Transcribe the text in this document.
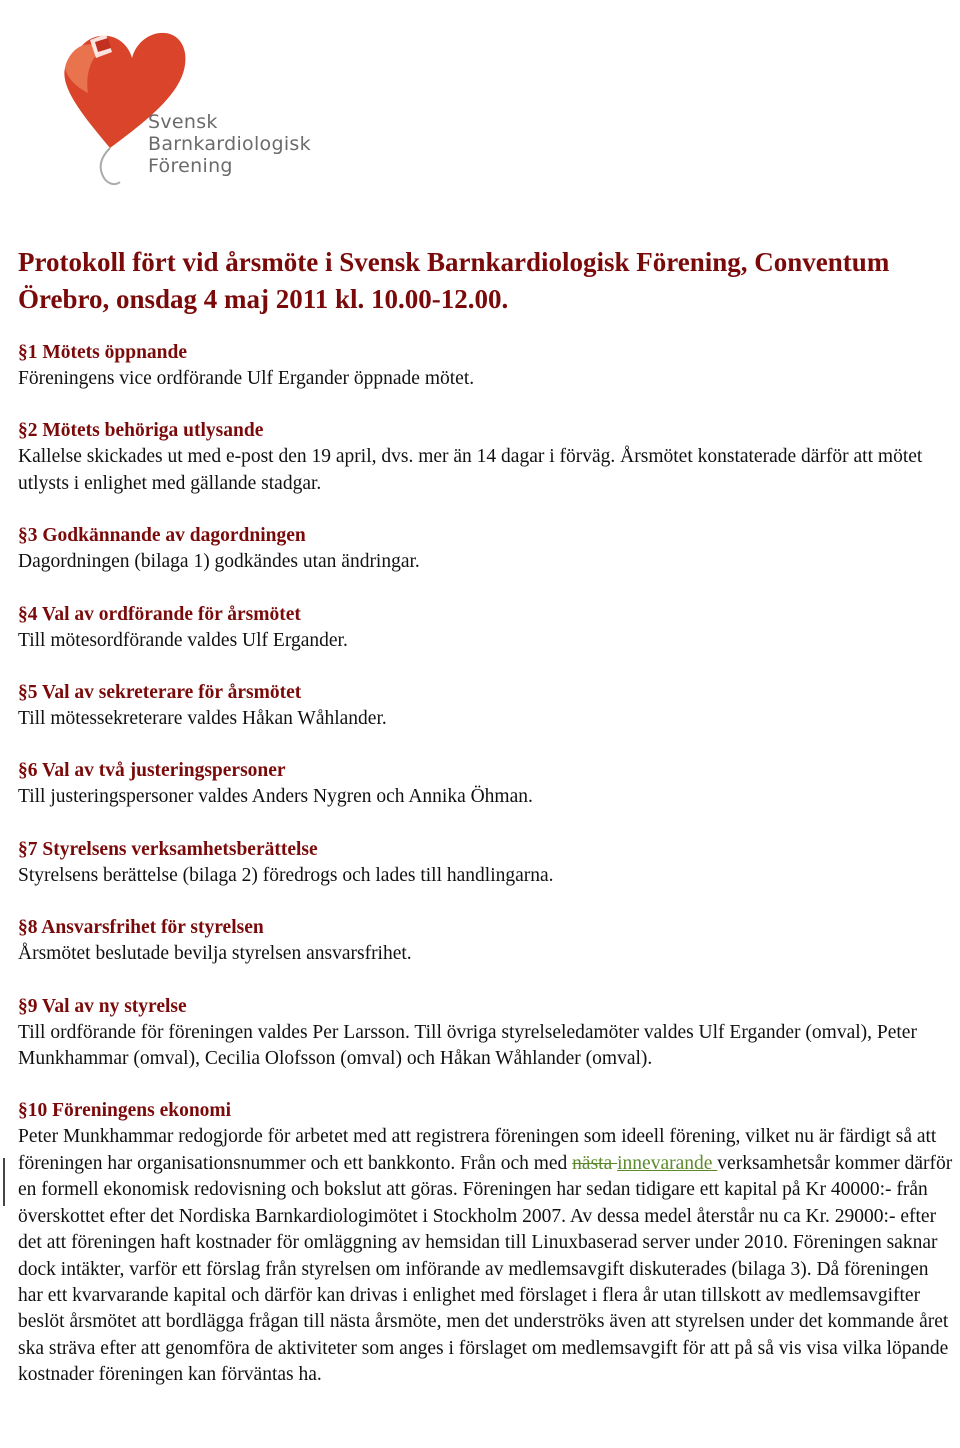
Svensk
Barnkardiologisk
Förening
Protokoll fört vid årsmöte i Svensk Barnkardiologisk Förening, Conventum Örebro, onsdag 4 maj 2011 kl. 10.00-12.00.
§1 Mötets öppnande
Föreningens vice ordförande Ulf Ergander öppnade mötet.
§2 Mötets behöriga utlysande
Kallelse skickades ut med e-post den 19 april, dvs. mer än 14 dagar i förväg. Årsmötet konstaterade därför att mötet utlysts i enlighet med gällande stadgar.
§3 Godkännande av dagordningen
Dagordningen (bilaga 1) godkändes utan ändringar.
§4 Val av ordförande för årsmötet
Till mötesordförande valdes Ulf Ergander.
§5 Val av sekreterare för årsmötet
Till mötessekreterare valdes Håkan Wåhlander.
§6 Val av två justeringspersoner
Till justeringspersoner valdes Anders Nygren och Annika Öhman.
§7 Styrelsens verksamhetsberättelse
Styrelsens berättelse (bilaga 2) föredrogs och lades till handlingarna.
§8 Ansvarsfrihet för styrelsen
Årsmötet beslutade bevilja styrelsen ansvarsfrihet.
§9 Val av ny styrelse
Till ordförande för föreningen valdes Per Larsson. Till övriga styrelseledamöter valdes Ulf Ergander (omval), Peter Munkhammar (omval), Cecilia Olofsson (omval) och Håkan Wåhlander (omval).
§10 Föreningens ekonomi
Peter Munkhammar redogjorde för arbetet med att registrera föreningen som ideell förening, vilket nu är färdigt så att föreningen har organisationsnummer och ett bankkonto. Från och med nästa innevarande verksamhetsår kommer därför en formell ekonomisk redovisning och bokslut att göras. Föreningen har sedan tidigare ett kapital på Kr 40000:- från överskottet efter det Nordiska Barnkardiologimötet i Stockholm 2007. Av dessa medel återstår nu ca Kr. 29000:- efter det att föreningen haft kostnader för omläggning av hemsidan till Linuxbaserad server under 2010. Föreningen saknar dock intäkter, varför ett förslag från styrelsen om införande av medlemsavgift diskuterades (bilaga 3). Då föreningen har ett kvarvarande kapital och därför kan drivas i enlighet med förslaget i flera år utan tillskott av medlemsavgifter beslöt årsmötet att bordlägga frågan till nästa årsmöte, men det underströks även att styrelsen under det kommande året ska sträva efter att genomföra de aktiviteter som anges i förslaget om medlemsavgift för att på så vis visa vilka löpande kostnader föreningen kan förväntas ha.
